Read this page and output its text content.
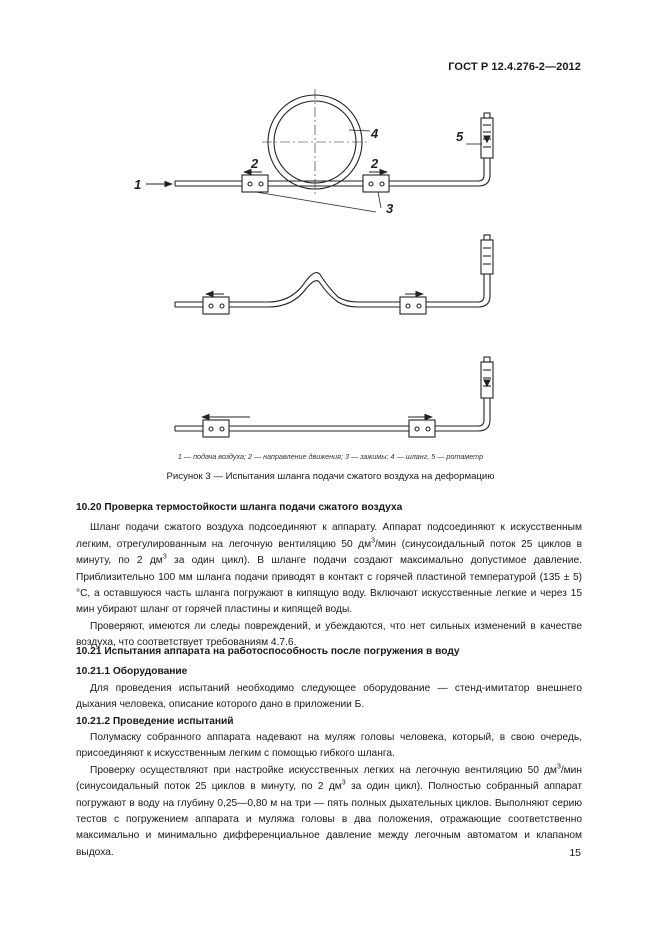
ГОСТ Р 12.4.276-2—2012
1
2	2
3
4	5
1 — подача воздуха; 2 — направление движения; 3 — зажимы; 4 — шланг, 5 — ротаметр
Рисунок 3 — Испытания шланга подачи сжатого воздуха на деформацию
10.20 Проверка термостойкости шланга подачи сжатого воздуха

Шланг подачи сжатого воздуха подсоединяют к аппарату. Аппарат подсоединяют к искусственным легким, отрегулированным на легочную вентиляцию 50 $дм^3$/мин (синусоидальный поток 25 циклов в минуту, по 2 $дм^3$ за один цикл). В шланге подачи создают максимально допустимое давление. Приблизительно 100 мм шланга подачи приводят в контакт с горячей пластиной температурой (135 ± 5) °С, а оставшуюся часть шланга погружают в кипящую воду. Включают искусственные легкие и через 15 мин убирают шланг от горячей пластины и кипящей воды.

Проверяют, имеются ли следы повреждений, и убеждаются, что нет сильных изменений в качестве воздуха, что соответствует требованиям 4.7.6.

10.21 Испытания аппарата на работоспособность после погружения в воду
10.21.1 Оборудование

Для проведения испытаний необходимо следующее оборудование — стенд-имитатор внешнего дыхания человека, описание которого дано в приложении Б.

10.21.2 Проведение испытаний

Полумаску собранного аппарата надевают на муляж головы человека, который, в свою очередь, присоединяют к искусственным легким с помощью гибкого шланга.

Проверку осуществляют при настройке искусственных легких на легочную вентиляцию 50 $дм^3$/мин (синусоидальный поток 25 циклов в минуту, по 2 $дм^3$ за один цикл). Полностью собранный аппарат погружают в воду на глубину 0,25—0,80 м на три — пять полных дыхательных циклов. Выполняют серию тестов с погружением аппарата и муляжа головы в два положения, отражающие соответственно максимально и минимально дифференциальное давление между легочным автоматом и клапаном выдоха.	15
